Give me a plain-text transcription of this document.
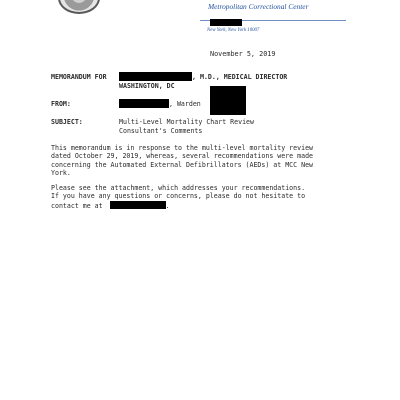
Metropolitan Correctional Center
New York, New York 10007
November 5, 2019
MEMORANDUM FOR	, M.D., MEDICAL DIRECTOR
WASHINGTON, DC
FROM:	, Warden
SUBJECT:	Multi-Level Mortality Chart Review
Consultant's Comments
This memorandum is in response to the multi-level mortality review
dated October 29, 2019, whereas, several recommendations were made
concerning the Automated External Defibrillators (AEDs) at MCC New
York.
Please see the attachment, which addresses your recommendations.
If you have any questions or concerns, please do not hesitate to
contact me at	.
